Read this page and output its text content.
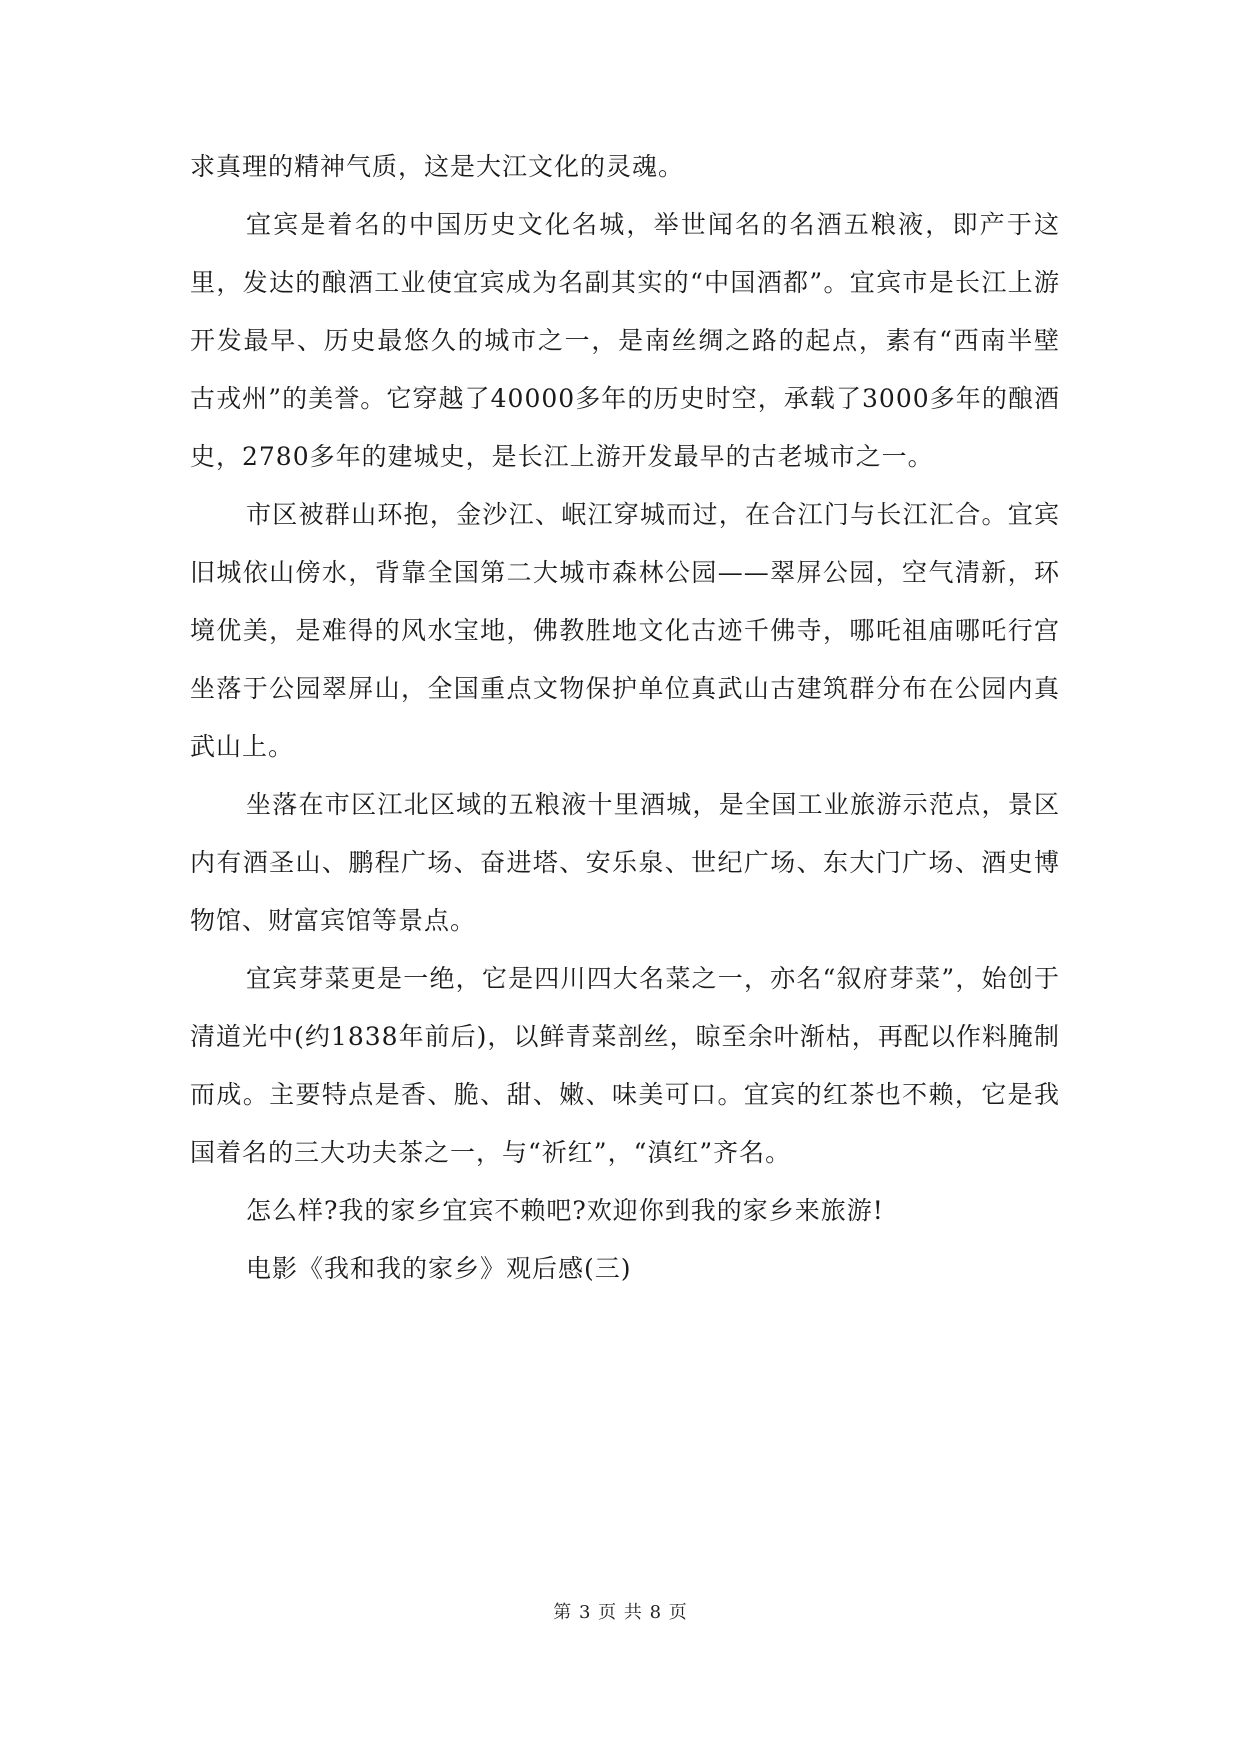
求真理的精神气质，这是大江文化的灵魂。

宜宾是着名的中国历史文化名城，举世闻名的名酒五粮液，即产于这里，发达的酿酒工业使宜宾成为名副其实的“中国酒都”。宜宾市是长江上游开发最早、历史最悠久的城市之一，是南丝绸之路的起点，素有“西南半壁古戎州”的美誉。它穿越了40000多年的历史时空，承载了3000多年的酿酒史，2780多年的建城史，是长江上游开发最早的古老城市之一。

市区被群山环抱，金沙江、岷江穿城而过，在合江门与长江汇合。宜宾旧城依山傍水，背靠全国第二大城市森林公园——翠屏公园，空气清新，环境优美，是难得的风水宝地，佛教胜地文化古迹千佛寺，哪吒祖庙哪吒行宫坐落于公园翠屏山，全国重点文物保护单位真武山古建筑群分布在公园内真武山上。

坐落在市区江北区域的五粮液十里酒城，是全国工业旅游示范点，景区内有酒圣山、鹏程广场、奋进塔、安乐泉、世纪广场、东大门广场、酒史博物馆、财富宾馆等景点。

宜宾芽菜更是一绝，它是四川四大名菜之一，亦名“叙府芽菜”，始创于清道光中(约1838年前后)，以鲜青菜剖丝，晾至余叶渐枯，再配以作料腌制而成。主要特点是香、脆、甜、嫩、味美可口。宜宾的红茶也不赖，它是我国着名的三大功夫茶之一，与“祈红”，“滇红”齐名。

怎么样?我的家乡宜宾不赖吧?欢迎你到我的家乡来旅游!

电影《我和我的家乡》观后感(三)

第 3 页 共 8 页
